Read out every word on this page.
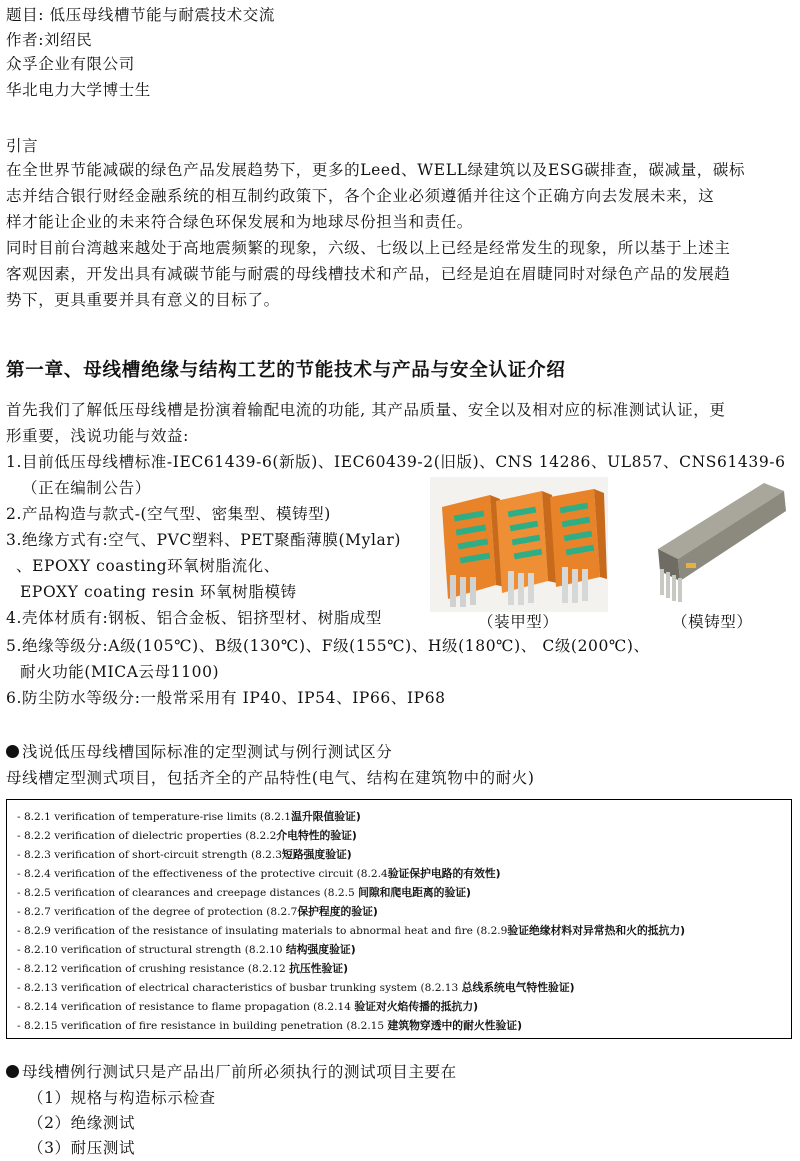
题目: 低压母线槽节能与耐震技术交流
作者:刘绍民
众孚企业有限公司
华北电力大学博士生
引言
在全世界节能减碳的绿色产品发展趋势下，更多的Leed、WELL绿建筑以及ESG碳排查，碳减量，碳标
志并结合银行财经金融系统的相互制约政策下，各个企业必须遵循并往这个正确方向去发展未来，这
样才能让企业的未来符合绿色环保发展和为地球尽份担当和责任。
同时目前台湾越来越处于高地震频繁的现象，六级、七级以上已经是经常发生的现象，所以基于上述主
客观因素，开发出具有减碳节能与耐震的母线槽技术和产品，已经是迫在眉睫同时对绿色产品的发展趋
势下，更具重要并具有意义的目标了。
第一章、母线槽绝缘与结构工艺的节能技术与产品与安全认证介绍
首先我们了解低压母线槽是扮演着输配电流的功能, 其产品质量、安全以及相对应的标准测试认证，更
形重要，浅说功能与效益:
1.目前低压母线槽标准-IEC61439-6(新版)、IEC60439-2(旧版)、CNS 14286、UL857、CNS61439-6
（正在编制公告）
2.产品构造与款式-(空气型、密集型、模铸型)
3.绝缘方式有:空气、PVC塑料、PET聚酯薄膜(Mylar)
、EPOXY coasting环氧树脂流化、
EPOXY coating resin 环氧树脂模铸
4.壳体材质有:钢板、铝合金板、铝挤型材、树脂成型
5.绝缘等级分:A级(105℃)、B级(130℃)、F级(155℃)、H级(180℃)、 C级(200℃)、
耐火功能(MICA云母1100)
6.防尘防水等级分:一般常采用有 IP40、IP54、IP66、IP68
（装甲型）	（模铸型）
浅说低压母线槽国际标准的定型测试与例行测试区分
母线槽定型测式项目，包括齐全的产品特性(电气、结构在建筑物中的耐火)
- 8.2.1 verification of temperature-rise limits (8.2.1温升限值验证)
- 8.2.2 verification of dielectric properties (8.2.2介电特性的验证)
- 8.2.3 verification of short-circuit strength (8.2.3短路强度验证)
- 8.2.4 verification of the effectiveness of the protective circuit (8.2.4验证保护电路的有效性)
- 8.2.5 verification of clearances and creepage distances (8.2.5 间隙和爬电距离的验证)
- 8.2.7 verification of the degree of protection (8.2.7保护程度的验证)
- 8.2.9 verification of the resistance of insulating materials to abnormal heat and fire (8.2.9验证绝缘材料对异常热和火的抵抗力)
- 8.2.10 verification of structural strength (8.2.10 结构强度验证)
- 8.2.12 verification of crushing resistance (8.2.12 抗压性验证)
- 8.2.13 verification of electrical characteristics of busbar trunking system (8.2.13 总线系统电气特性验证)
- 8.2.14 verification of resistance to flame propagation (8.2.14 验证对火焰传播的抵抗力)
- 8.2.15 verification of fire resistance in building penetration (8.2.15 建筑物穿透中的耐火性验证)
母线槽例行测试只是产品出厂前所必须执行的测试项目主要在
（1）规格与构造标示检查
（2）绝缘测试
（3）耐压测试
